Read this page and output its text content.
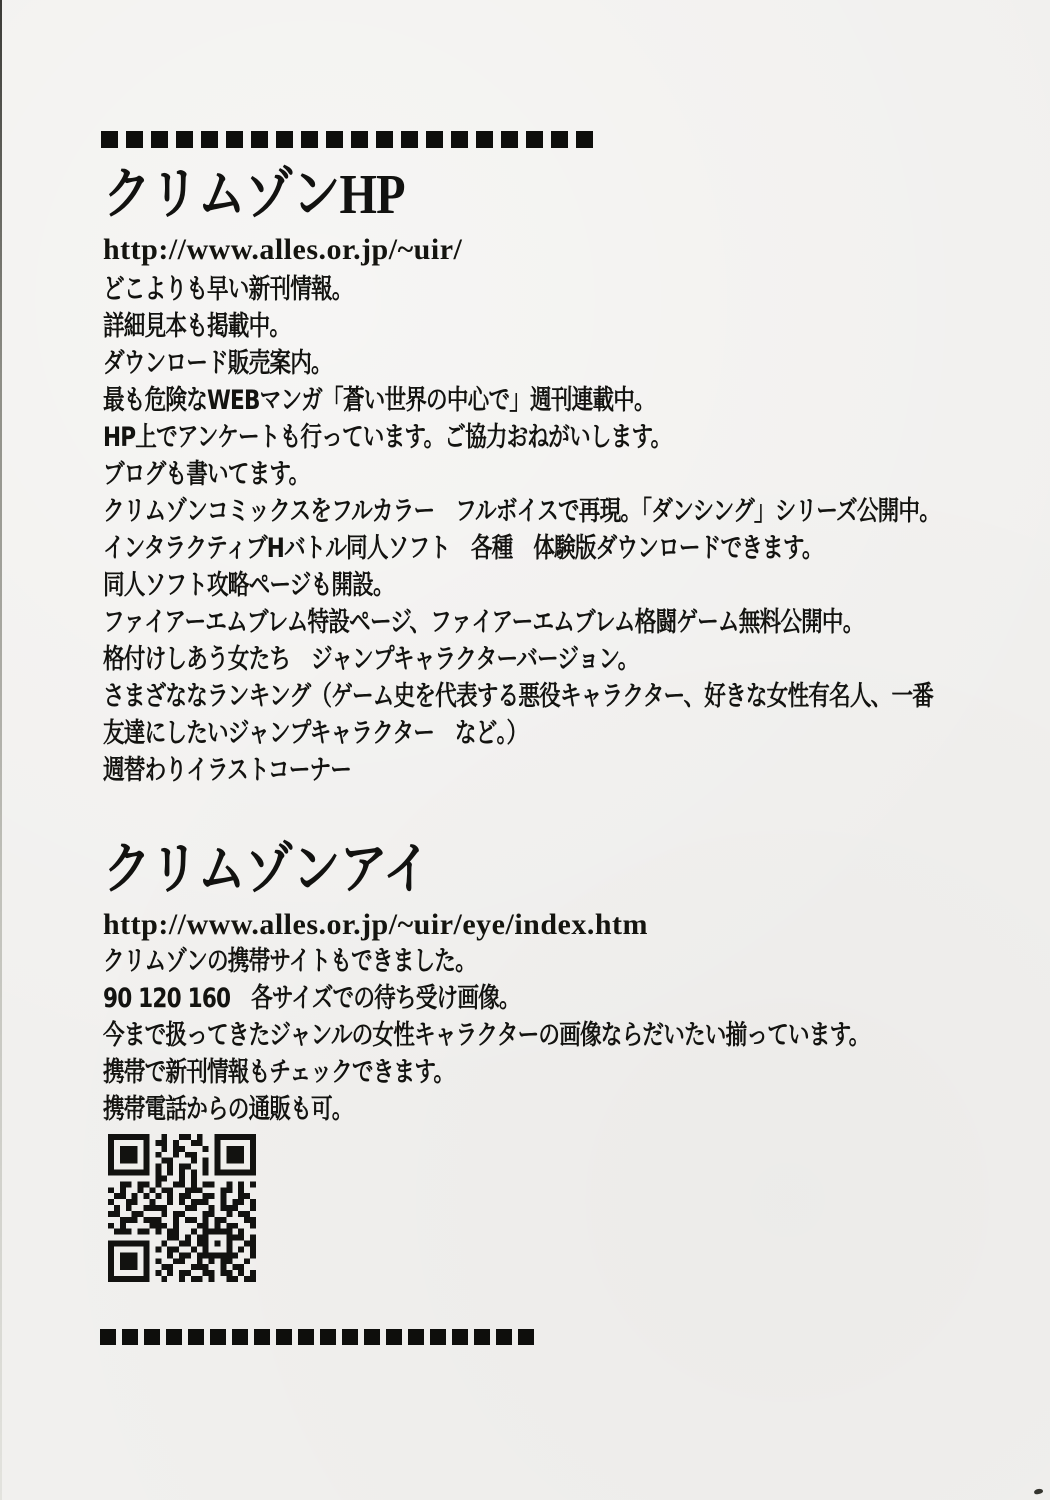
クリムゾンHP
http://www.alles.or.jp/~uir/
どこよりも早い新刊情報。
詳細見本も掲載中。
ダウンロード販売案内。
最も危険なWEBマンガ「蒼い世界の中心で」週刊連載中。
HP上でアンケートも行っています。ご協力おねがいします。
ブログも書いてます。
クリムゾンコミックスをフルカラー　フルボイスで再現。「ダンシング」シリーズ公開中。
インタラクティブHバトル同人ソフト　各種　体験版ダウンロードできます。
同人ソフト攻略ページも開設。
ファイアーエムブレム特設ページ、ファイアーエムブレム格闘ゲーム無料公開中。
格付けしあう女たち　ジャンプキャラクターバージョン。
さまざななランキング（ゲーム史を代表する悪役キャラクター、好きな女性有名人、一番
友達にしたいジャンプキャラクター　など。）
週替わりイラストコーナー
クリムゾンアイ
http://www.alles.or.jp/~uir/eye/index.htm
クリムゾンの携帯サイトもできました。
90 120 160　各サイズでの待ち受け画像。
今まで扱ってきたジャンルの女性キャラクターの画像ならだいたい揃っています。
携帯で新刊情報もチェックできます。
携帯電話からの通販も可。
